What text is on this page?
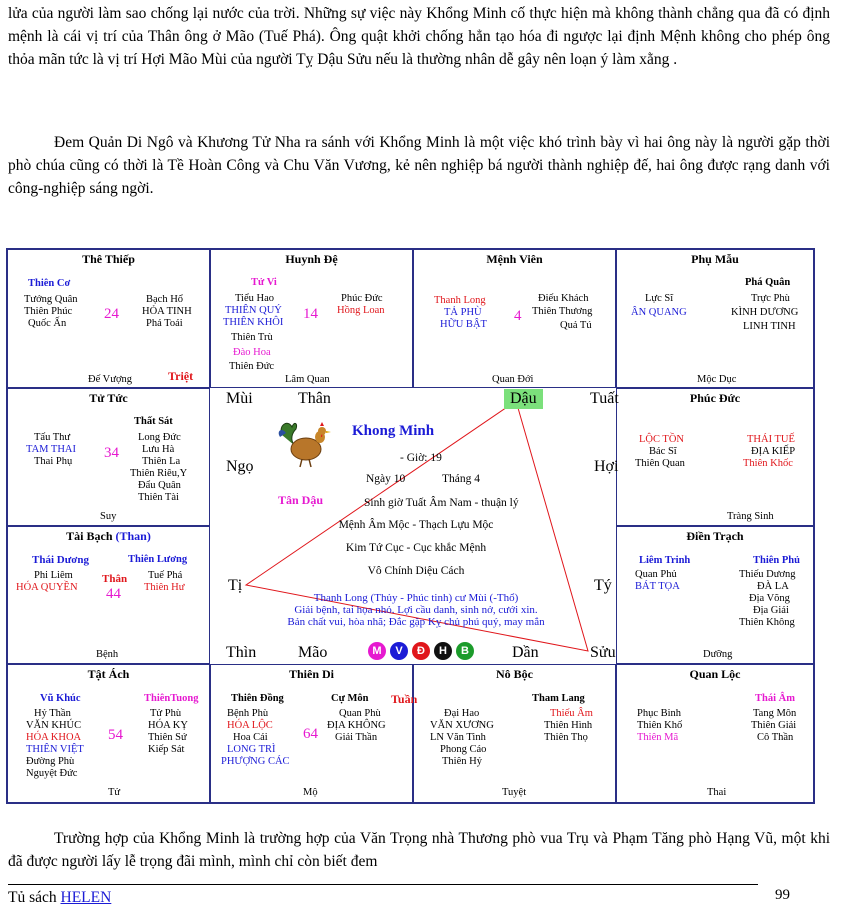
lửa của người làm sao chống lại nước của trời. Những sự việc này Khổng Minh cố thực hiện mà không thành chẳng qua đã có định mệnh là cái vị trí của Thân ông ở Mão (Tuế Phá). Ông quật khởi chống hẳn tạo hóa đi ngược lại định Mệnh không cho phép ông thỏa mãn tức là vị trí Hợi Mão Mùi của người Tỵ Dậu Sửu nếu là thường nhân dễ gây nên loạn ý làm xằng .

Đem Quản Di Ngô và Khương Tử Nha ra sánh với Khổng Minh là một việc khó trình bày vì hai ông này là người gặp thời phò chúa cũng có thời là Tề Hoàn Công và Chu Văn Vương, kẻ nên nghiệp bá người thành nghiệp đế, hai ông được rạng danh với công-nghiệp sáng ngời.

Thê Thiếp
Thiên Cơ
Tướng Quân
Thiên Phúc
Quốc Ấn
24
Bạch Hổ
HỎA TINH
Phá Toái
Đế Vượng	Triệt
Huynh Đệ
Tử Vi
Tiểu Hao
THIÊN QUÝ
THIÊN KHÔI
Thiên Trù
Đào Hoa
Thiên Đức
14
Phúc Đức
Hồng Loan
Lâm Quan
Mệnh Viên
Thanh Long
TẢ PHÙ
HỮU BẬT
4
Điếu Khách
Thiên Thương
Quả Tú
Quan Đới
Phụ Mẫu
Phá Quân
Lực Sĩ
ÂN QUANG
Trực Phù
KÌNH DƯƠNG
LINH TINH
Mộc Dục
Tử Tức
Thất Sát
Tấu Thư
TAM THAI
Thai Phụ
34
Long Đức
Lưu Hà
Thiên La
Thiên Riêu,Y
Đẩu Quân
Thiên Tài
Suy
Phúc Đức
LỘC TỒN
Bác Sĩ
Thiên Quan
THÁI TUẾ
ĐỊA KIẾP
Thiên Khốc
Tràng Sinh
Tài Bạch (Than)
Thái Dương	Thiên Lương
Phi Liêm
HÓA QUYỀN
Thân
44
Tuế Phá
Thiên Hư
Bệnh
Điền Trạch
Liêm Trinh	Thiên Phủ
Quan Phủ
BÁT TỌA
Thiếu Dương
ĐÀ LA
Địa Võng
Địa Giải
Thiên Không
Dưỡng
Tật Ách
Vũ Khúc	ThiênTuong
Hỷ Thần
VĂN KHÚC
HÓA KHOA
THIÊN VIỆT
Đường Phù
Nguyệt Đức
54
Tử Phù
HÓA KỴ
Thiên Sứ
Kiếp Sát
Tử
Thiên Di
Thiên Đồng	Cự Môn Tuần
Bệnh Phù
HÓA LỘC
Hoa Cái
LONG TRÌ
PHƯỢNG CÁC
64
Quan Phù
ĐỊA KHÔNG
Giải Thần
Mộ
Nô Bộc
Tham Lang
Đại Hao
VĂN XƯƠNG
LN Văn Tinh
Phong Cáo
Thiên Hỷ
Thiếu Âm
Thiên Hình
Thiên Thọ
Tuyệt
Quan Lộc
Thái Âm
Phục Binh
Thiên Khố
Thiên Mã
Tang Môn
Thiên Giải
Cô Thần
Thai
Mùi	Thân	Dậu	Tuất
Ngọ	Hợi
Tị	Tý
Thìn	Mão	Dần	Sửu
Khong Minh
- Giờ: 19
Ngày 10	Tháng 4
Tân Dậu	Sinh giờ Tuất Âm Nam - thuận lý
Mệnh Âm Mộc - Thạch Lựu Mộc
Kim Tứ Cục - Cục khắc Mệnh
Vô Chính Diệu Cách
Thanh Long (Thủy - Phúc tinh) cư Mùi (-Thổ)
Giải bệnh, tai họa nhỏ. Lợi cầu danh, sinh nở, cưới xin.
Bản chất vui, hòa nhã; Đắc gặp Kỵ chủ phú quý, may mắn
M	V	Đ	H	B

Trường hợp của Khổng Minh là trường hợp của Văn Trọng nhà Thương phò vua Trụ và Phạm Tăng phò Hạng Vũ, một khi đã được người lấy lễ trọng đãi mình, mình chỉ còn biết đem

Tủ sách HELEN	99
